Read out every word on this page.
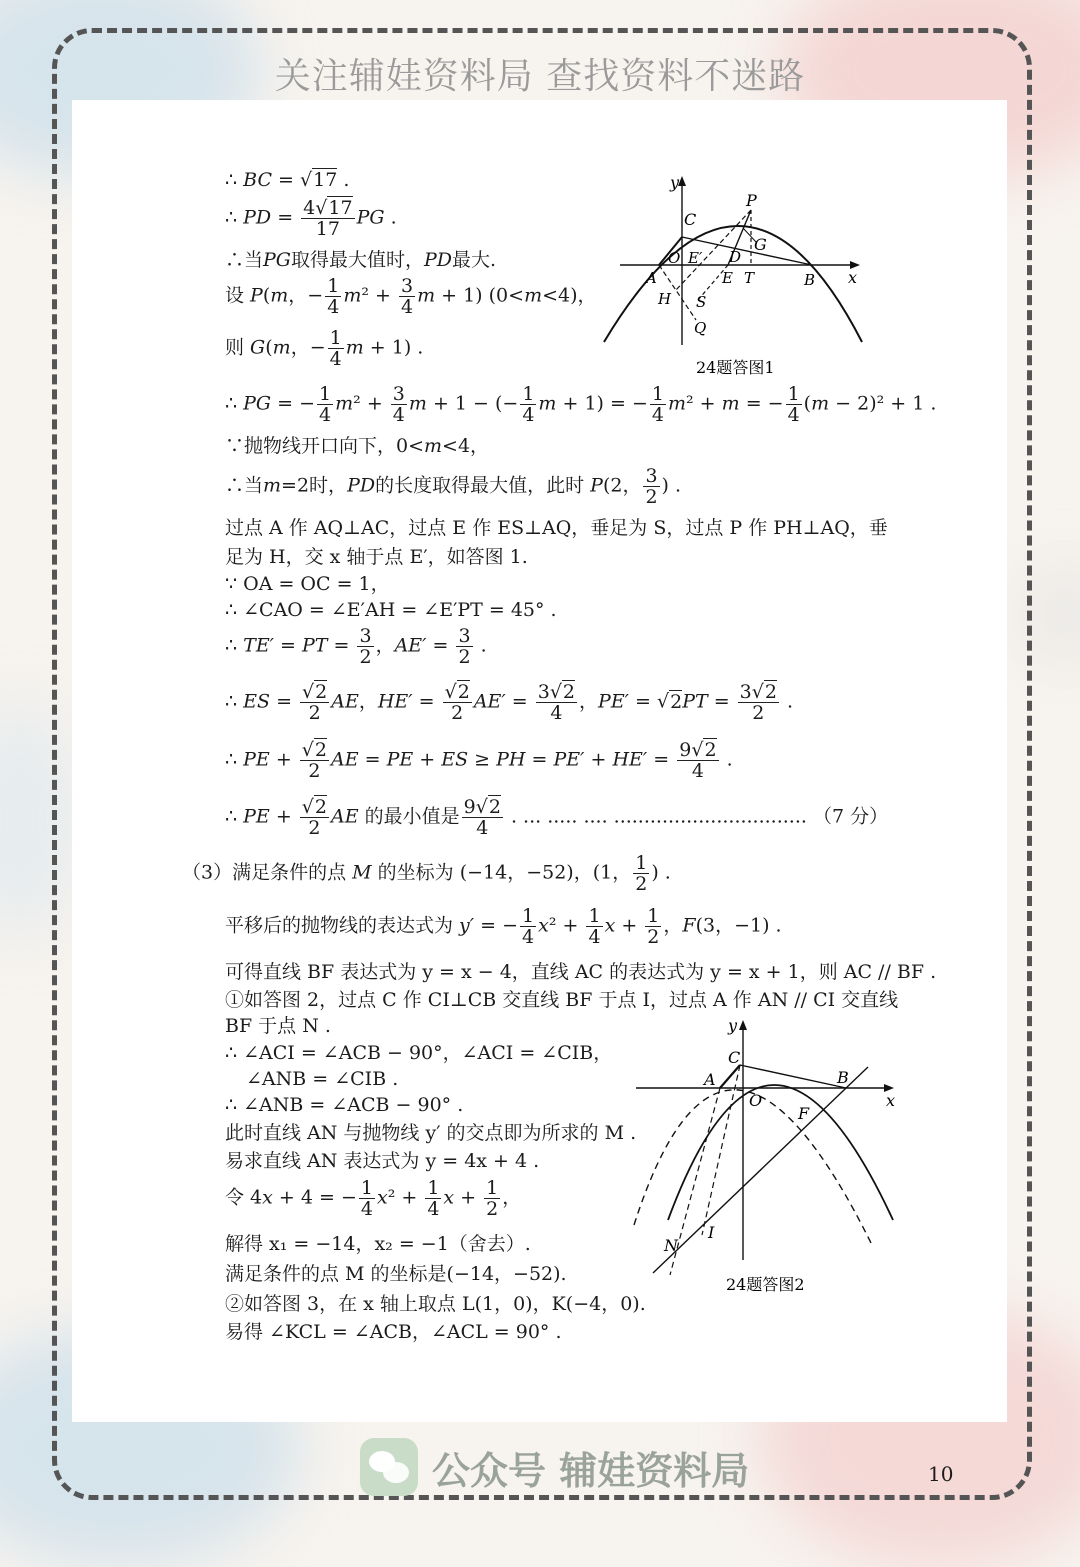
关注辅娃资料局 查找资料不迷路
∴ BC = √17 .
∴ PD = $\frac{4√17}{17}$ PG .
∴当PG取得最大值时，PD最大.
设 P(m，− $\frac{1}{4} m^2 + \frac{3}{4}$ m + 1) (0<m<4)，
则 G(m，− $\frac{1}{4}$ m + 1) .
∴ PG = − $\frac{1}{4} m^2 + \frac{3}{4}$ m + 1 − (− $\frac{1}{4}$ m + 1) = − $\frac{1}{4} m^2 + m$ = − $\frac{1}{4} (m - 2)^2 + 1$ .
∵抛物线开口向下，0<m<4，
∴当m=2时，PD的长度取得最大值，此时 P(2， $\frac{3}{2}$ ) .
过点 A 作 AQ⊥AC，过点 E 作 ES⊥AQ，垂足为 S，过点 P 作 PH⊥AQ，垂足为 H，交 x 轴于点 E′，如答图 1.
∵ OA = OC = 1，
∴ ∠CAO = ∠E′AH = ∠E′PT = 45° .
∴ TE′ = PT = $\frac{3}{2}$ ，$AE' = \frac{3}{2}$ .
∴ ES = $\frac{√2}{2}$ AE，$HE' = \frac{√2}{2} AE' = \frac{3√2}{4}$ ，$PE' = √2PT = \frac{3√2}{2}$ .
∴ PE + $\frac{√2}{2}$ AE = PE + ES ≥ PH = $PE' + HE' = \frac{9√2}{4}$ .
∴ PE + $\frac{√2}{2}$ AE 的最小值是 $\frac{9√2}{4}$ . ... ..... .... ................................ （7 分）
（3）满足条件的点 M 的坐标为 (−14，−52)，(1， $\frac{1}{2}$ ) .
平移后的抛物线的表达式为 y′ = − $\frac{1}{4} x^2 + \frac{1}{4}$ $x + \frac{1}{2}$ ，F(3，−1) .
可得直线 BF 表达式为 y = x − 4，直线 AC 的表达式为 y = x + 1，则 AC // BF .
①如答图 2，过点 C 作 CI⊥CB 交直线 BF 于点 I，过点 A 作 AN // CI 交直线
BF 于点 N .
∴ ∠ACI = ∠ACB − 90°，∠ACI = ∠CIB，
∠ANB = ∠CIB .
∴ ∠ANB = ∠ACB − 90° .
此时直线 AN 与抛物线 y′ 的交点即为所求的 M .
易求直线 AN 表达式为 y = 4x + 4 .
令 4x + 4 = − $\frac{1}{4} x^2 + \frac{1}{4}$ $x + \frac{1}{2}$ ，
解得 x₁ = −14，x₂ = −1（舍去）.
满足条件的点 M 的坐标是(−14，−52).
②如答图 3，在 x 轴上取点 L(1，0)，K(−4，0).
易得 ∠KCL = ∠ACB，∠ACL = 90° .
y
x
P
C
G
O E′ D
A	E T	B
H S
Q
24题答图1
y
x
C
A
O
B
F
N
I
24题答图2
公众号 辅娃资料局	10
